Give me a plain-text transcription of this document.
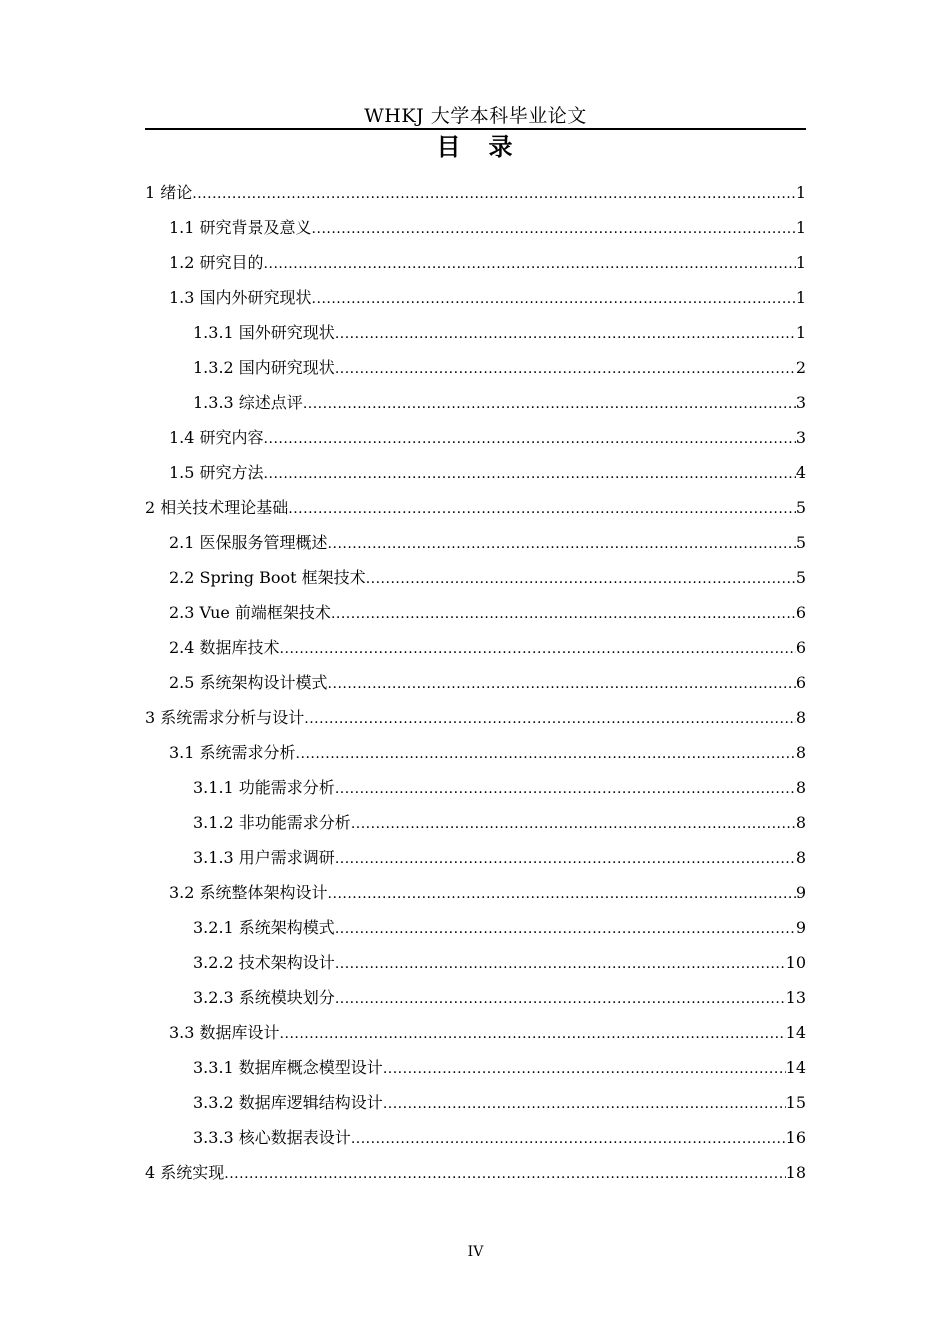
WHKJ 大学本科毕业论文
目　录
1 绪论 .....	1
1.1 研究背景及意义 .....	1
1.2 研究目的 .....	1
1.3 国内外研究现状 .....	1
1.3.1 国外研究现状 .....	1
1.3.2 国内研究现状 .....	2
1.3.3 综述点评 .....	3
1.4 研究内容 .....	3
1.5 研究方法 .....	4
2 相关技术理论基础 .....	5
2.1 医保服务管理概述 .....	5
2.2 Spring Boot 框架技术 .....	5
2.3 Vue 前端框架技术 .....	6
2.4 数据库技术 .....	6
2.5 系统架构设计模式 .....	6
3 系统需求分析与设计 .....	8
3.1 系统需求分析 .....	8
3.1.1 功能需求分析 .....	8
3.1.2 非功能需求分析 .....	8
3.1.3 用户需求调研 .....	8
3.2 系统整体架构设计 .....	9
3.2.1 系统架构模式 .....	9
3.2.2 技术架构设计 .....	10
3.2.3 系统模块划分 .....	13
3.3 数据库设计 .....	14
3.3.1 数据库概念模型设计 .....	14
3.3.2 数据库逻辑结构设计 .....	15
3.3.3 核心数据表设计 .....	16
4 系统实现 .....	18
IV
